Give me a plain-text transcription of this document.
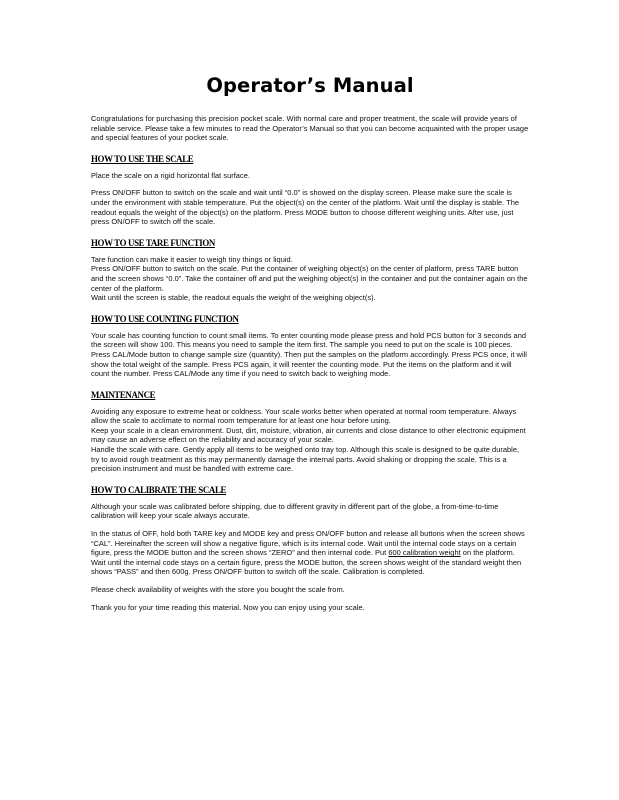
Operator’s Manual

Congratulations for purchasing this precision pocket scale. With normal care and proper treatment, the scale will provide years of reliable service. Please take a few minutes to read the Operator’s Manual so that you can become acquainted with the proper usage and special features of your pocket scale.

HOW TO USE THE SCALE

Place the scale on a rigid horizontal flat surface.

Press ON/OFF button to switch on the scale and wait until “0.0” is showed on the display screen. Please make sure the scale is under the environment with stable temperature. Put the object(s) on the center of the platform. Wait until the display is stable. The readout equals the weight of the object(s) on the platform. Press MODE button to choose different weighing units. After use, just press ON/OFF to switch off the scale.

HOW TO USE TARE FUNCTION

Tare function can make it easier to weigh tiny things or liquid.

Press ON/OFF button to switch on the scale. Put the container of weighing object(s) on the center of platform, press TARE button and the screen shows “0.0”. Take the container off and put the weighing object(s) in the container and put the container again on the center of the platform.

Wait until the screen is stable, the readout equals the weight of the weighing object(s).

HOW TO USE COUNTING FUNCTION

Your scale has counting function to count small items. To enter counting mode please press and hold PCS button for 3 seconds and the screen will show 100. This means you need to sample the item first. The sample you need to put on the scale is 100 pieces. Press CAL/Mode button to change sample size (quantity). Then put the samples on the platform accordingly. Press PCS once, it will show the total weight of the sample. Press PCS again, it will reenter the counting mode. Put the items on the platform and it will count the number. Press CAL/Mode any time if you need to switch back to weighing mode.

MAINTENANCE

Avoiding any exposure to extreme heat or coldness. Your scale works better when operated at normal room temperature. Always allow the scale to acclimate to normal room temperature for at least one hour before using.

Keep your scale in a clean environment. Dust, dirt, moisture, vibration, air currents and close distance to other electronic equipment may cause an adverse effect on the reliability and accuracy of your scale.

Handle the scale with care. Gently apply all items to be weighed onto tray top. Although this scale is designed to be quite durable, try to avoid rough treatment as this may permanently damage the internal parts. Avoid shaking or dropping the scale. This is a precision instrument and must be handled with extreme care.

HOW TO CALIBRATE THE SCALE

Although your scale was calibrated before shipping, due to different gravity in different part of the globe, a from-time-to-time calibration will keep your scale always accurate.

In the status of OFF, hold both TARE key and MODE key and press ON/OFF button and release all buttons when the screen shows “CAL”. Hereinafter the screen will show a negative figure, which is its internal code. Wait until the internal code stays on a certain figure, press the MODE button and the screen shows “ZERO” and then internal code. Put 600 calibration weight on the platform. Wait until the internal code stays on a certain figure, press the MODE button, the screen shows weight of the standard weight then shows “PASS” and then 600g. Press ON/OFF button to switch off the scale. Calibration is completed.

Please check availability of weights with the store you bought the scale from.

Thank you for your time reading this material. Now you can enjoy using your scale.
